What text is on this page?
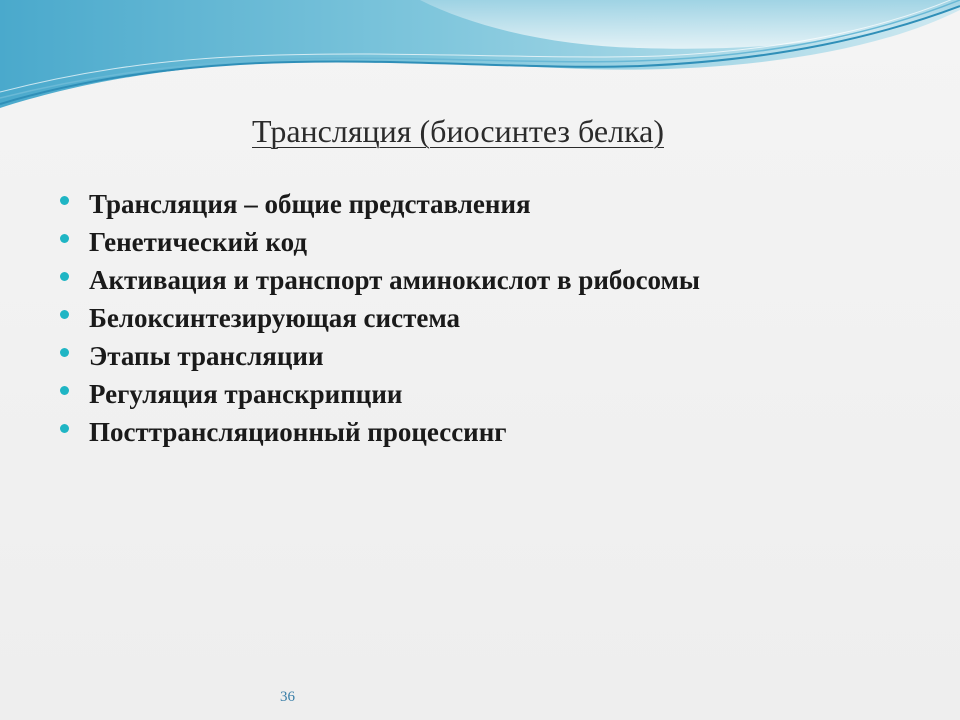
Трансляция (биосинтез белка)
Трансляция – общие представления
Генетический код
Активация и транспорт аминокислот в рибосомы
Белоксинтезирующая система
Этапы трансляции
Регуляция транскрипции
Посттрансляционный процессинг
36
